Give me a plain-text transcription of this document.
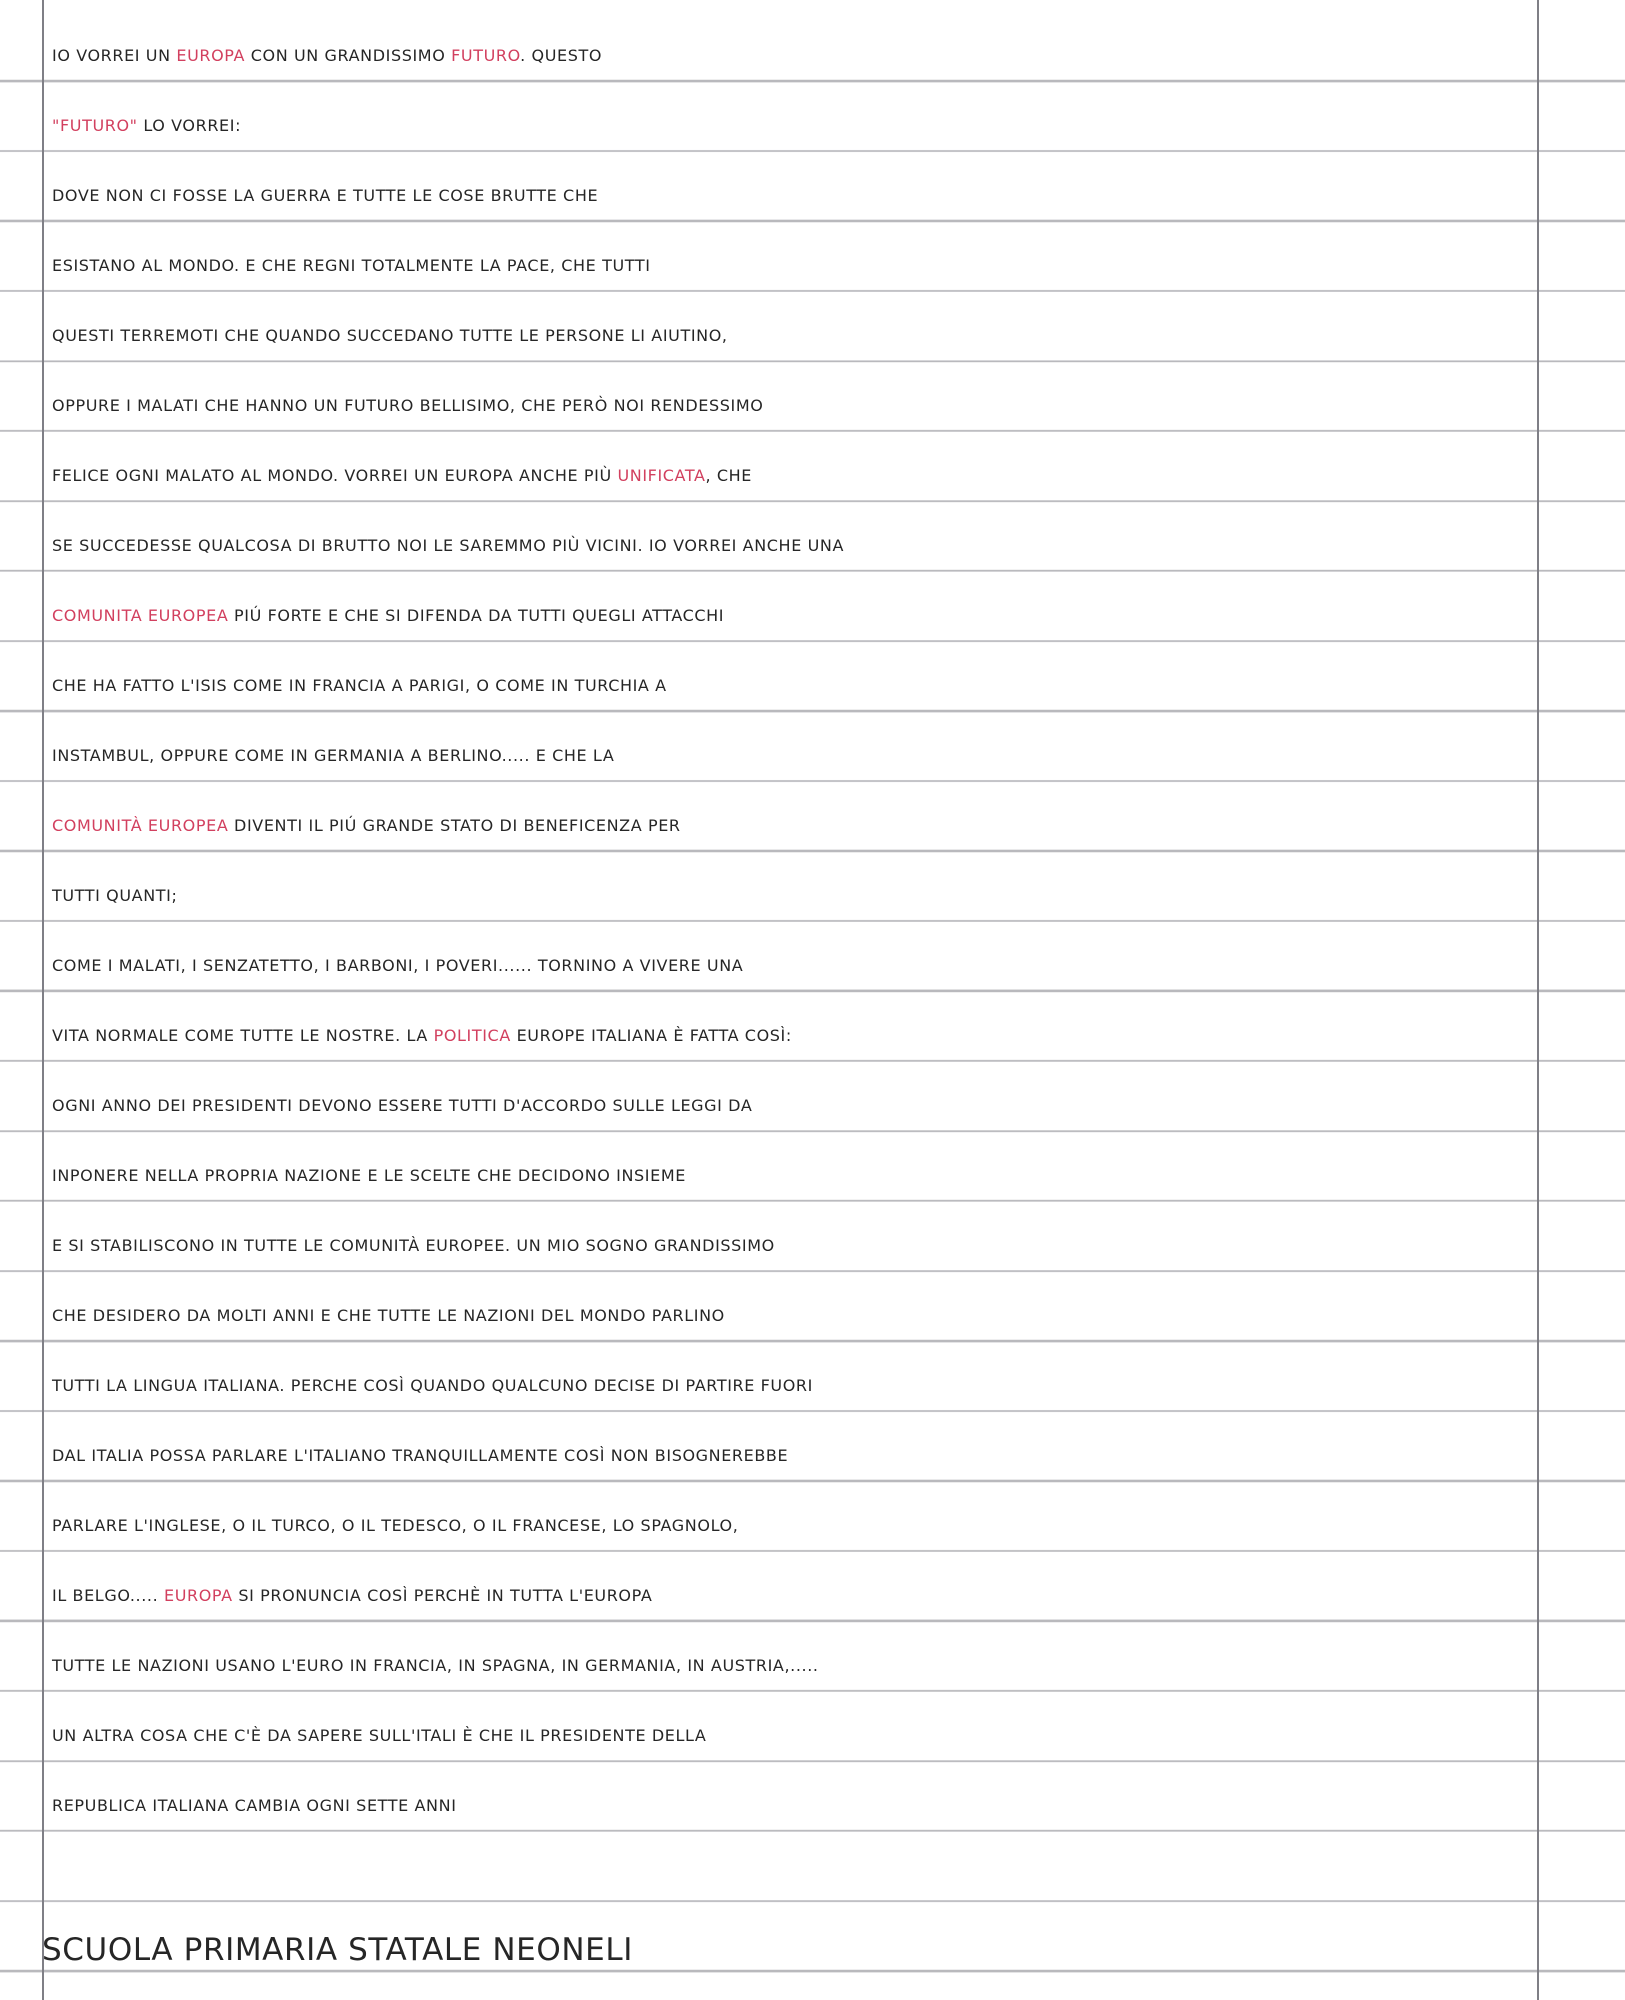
IO VORREI UN EUROPA CON UN GRANDISSIMO FUTURO. QUESTO
"FUTURO" LO VORREI:
DOVE NON CI FOSSE LA GUERRA E TUTTE LE COSE BRUTTE CHE
ESISTANO AL MONDO. E CHE REGNI TOTALMENTE LA PACE, CHE TUTTI
QUESTI TERREMOTI CHE QUANDO SUCCEDANO TUTTE LE PERSONE LI AIUTINO,
OPPURE I MALATI CHE HANNO UN FUTURO BELLISIMO, CHE PERÒ NOI RENDESSIMO
FELICE OGNI MALATO AL MONDO. VORREI UN EUROPA ANCHE PIÙ UNIFICATA, CHE
SE SUCCEDESSE QUALCOSA DI BRUTTO NOI LE SAREMMO PIÙ VICINI. IO VORREI ANCHE UNA
COMUNITA EUROPEA PIÚ FORTE E CHE SI DIFENDA DA TUTTI QUEGLI ATTACCHI
CHE HA FATTO L'ISIS COME IN FRANCIA A PARIGI, O COME IN TURCHIA A
INSTAMBUL, OPPURE COME IN GERMANIA A BERLINO..... E CHE LA
COMUNITÀ EUROPEA DIVENTI IL PIÚ GRANDE STATO DI BENEFICENZA PER
TUTTI QUANTI;
COME I MALATI, I SENZATETTO, I BARBONI, I POVERI...... TORNINO A VIVERE UNA
VITA NORMALE COME TUTTE LE NOSTRE. LA POLITICA EUROPE ITALIANA È FATTA COSÌ:
OGNI ANNO DEI PRESIDENTI DEVONO ESSERE TUTTI D'ACCORDO SULLE LEGGI DA
INPONERE NELLA PROPRIA NAZIONE E LE SCELTE CHE DECIDONO INSIEME
E SI STABILISCONO IN TUTTE LE COMUNITÀ EUROPEE. UN MIO SOGNO GRANDISSIMO
CHE DESIDERO DA MOLTI ANNI E CHE TUTTE LE NAZIONI DEL MONDO PARLINO
TUTTI LA LINGUA ITALIANA. PERCHE COSÌ QUANDO QUALCUNO DECISE DI PARTIRE FUORI
DAL ITALIA POSSA PARLARE L'ITALIANO TRANQUILLAMENTE COSÌ NON BISOGNEREBBE
PARLARE L'INGLESE, O IL TURCO, O IL TEDESCO, O IL FRANCESE, LO SPAGNOLO,
IL BELGO..... EUROPA SI PRONUNCIA COSÌ PERCHÈ IN TUTTA L'EUROPA
TUTTE LE NAZIONI USANO L'EURO IN FRANCIA, IN SPAGNA, IN GERMANIA, IN AUSTRIA,.....
UN ALTRA COSA CHE C'È DA SAPERE SULL'ITALI È CHE IL PRESIDENTE DELLA
REPUBLICA ITALIANA CAMBIA OGNI SETTE ANNI
SCUOLA PRIMARIA STATALE NEONELI
